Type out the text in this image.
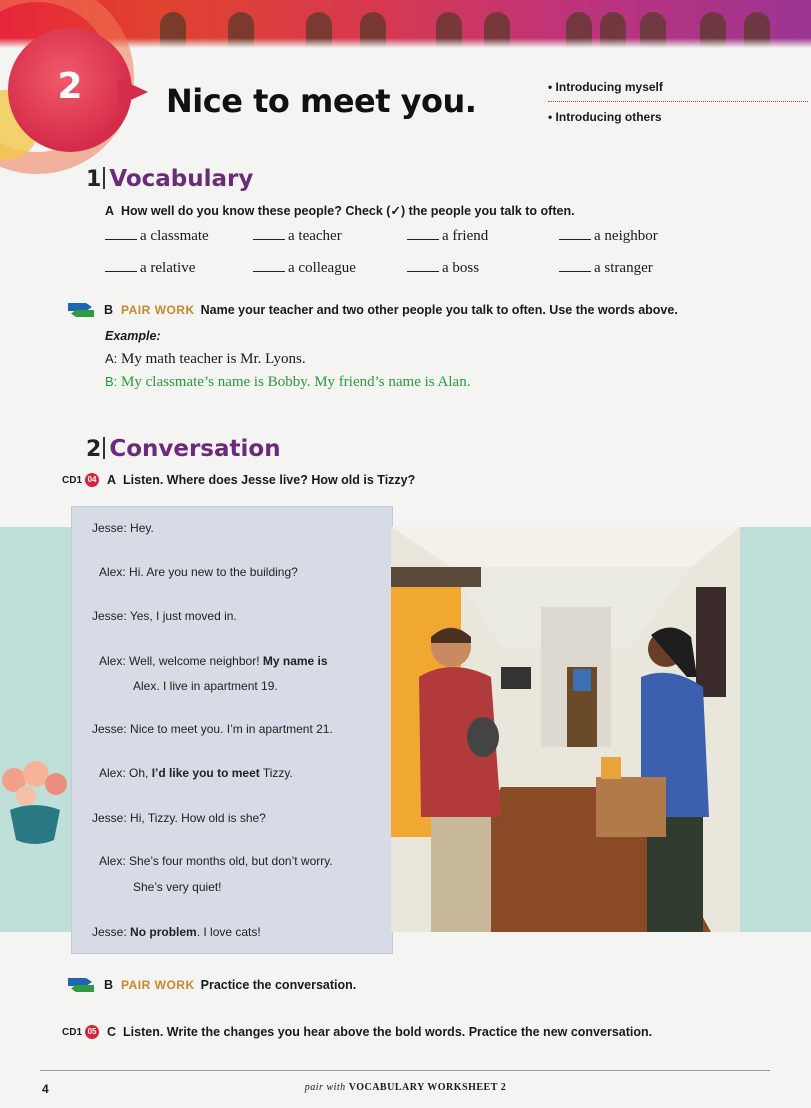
2	Nice to meet you.	• Introducing myself
• Introducing others
1 Vocabulary
A How well do you know these people? Check (✓) the people you talk to often.
a classmate	a teacher	a friend	a neighbor
a relative	a colleague	a boss	a stranger
B PAIR WORK Name your teacher and two other people you talk to often. Use the words above.
Example:
A: My math teacher is Mr. Lyons.
B: My classmate’s name is Bobby. My friend’s name is Alan.
2 Conversation
CD1 04 A Listen. Where does Jesse live? How old is Tizzy?
Jesse: Hey.
Alex: Hi. Are you new to the building?
Jesse: Yes, I just moved in.
Alex: Well, welcome neighbor! My name is
Alex. I live in apartment 19.
Jesse: Nice to meet you. I’m in apartment 21.
Alex: Oh, I’d like you to meet Tizzy.
Jesse: Hi, Tizzy. How old is she?
Alex: She’s four months old, but don’t worry.
She’s very quiet!
Jesse: No problem. I love cats!
B PAIR WORK Practice the conversation.
CD1 05 C Listen. Write the changes you hear above the bold words. Practice the new conversation.
4	pair with VOCABULARY WORKSHEET 2
